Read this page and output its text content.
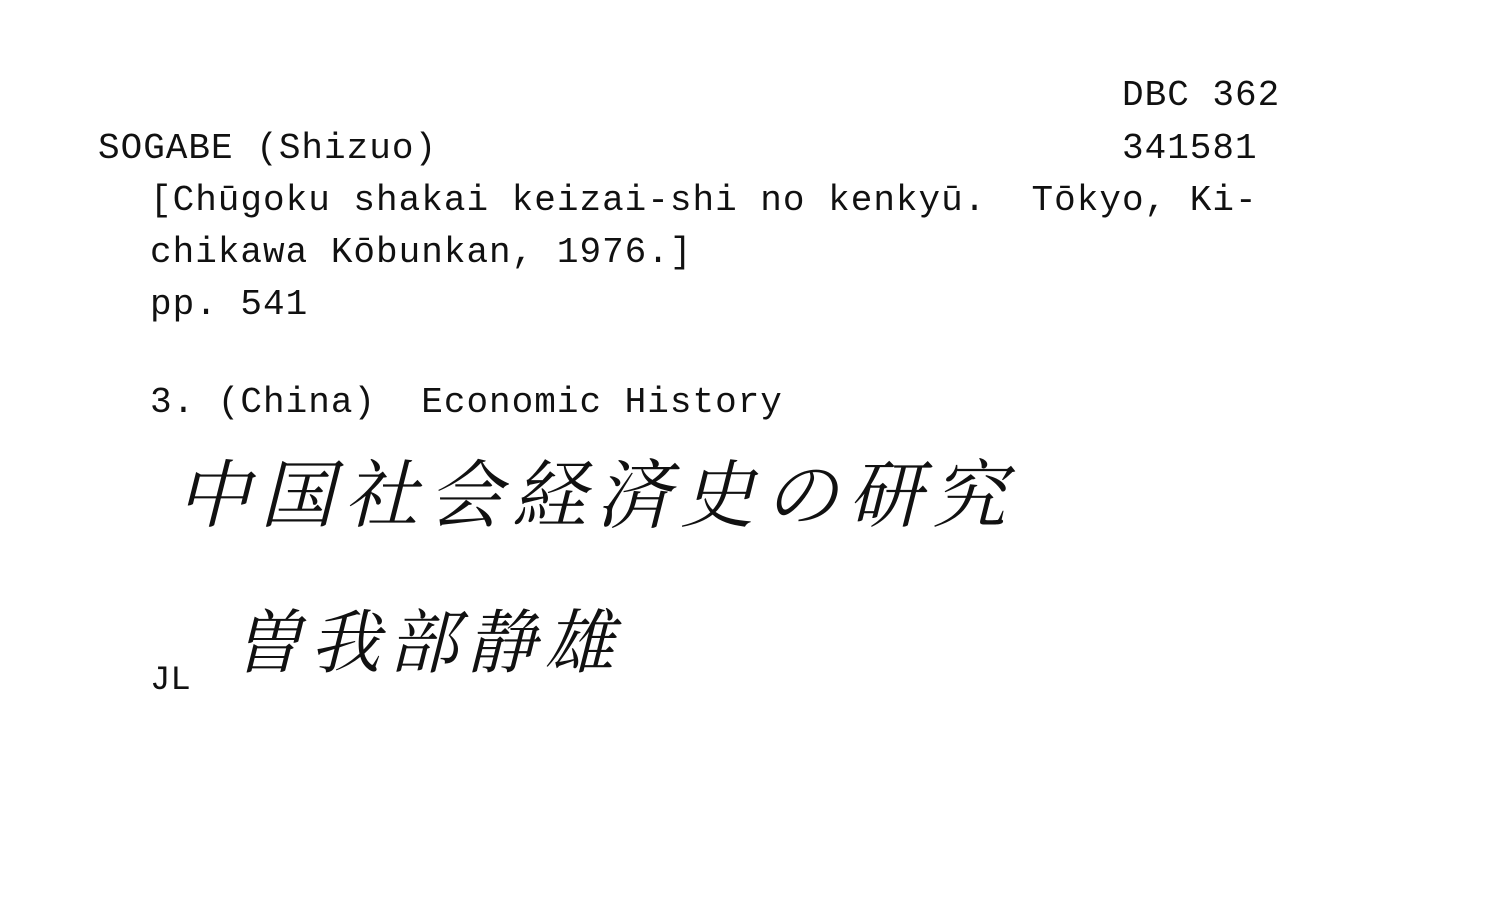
DBC 362
341581
SOGABE (Shizuo)
[Chūgoku shakai keizai-shi no kenkyū.  Tōkyo, Ki-
chikawa Kōbunkan, 1976.]
pp. 541
3. (China)  Economic History
中国社会経済史の研究
JL 曽我部静雄
